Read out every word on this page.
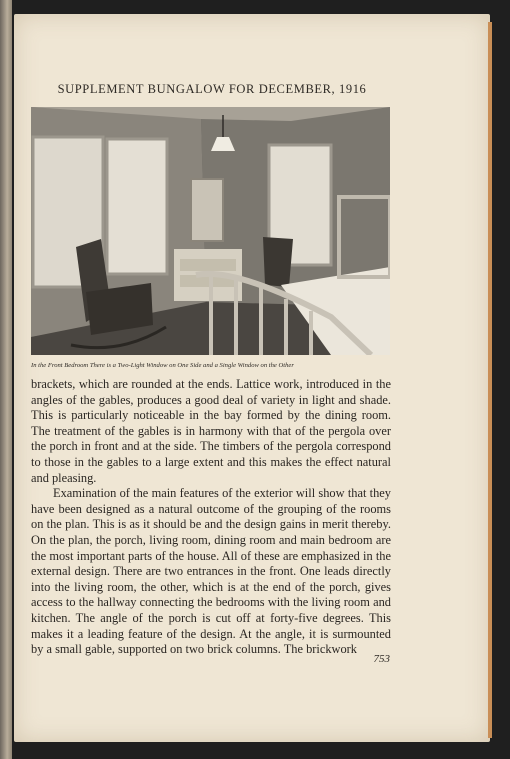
SUPPLEMENT BUNGALOW FOR DECEMBER, 1916
In the Front Bedroom There is a Two-Light Window on One Side and a Single Window on the Other

brackets, which are rounded at the ends. Lattice work, introduced in the angles of the gables, produces a good deal of variety in light and shade. This is particularly noticeable in the bay formed by the dining room. The treatment of the gables is in harmony with that of the pergola over the porch in front and at the side. The timbers of the pergola correspond to those in the gables to a large extent and this makes the effect natural and pleasing.

Examination of the main features of the exterior will show that they have been designed as a natural outcome of the grouping of the rooms on the plan. This is as it should be and the design gains in merit thereby. On the plan, the porch, living room, dining room and main bedroom are the most important parts of the house. All of these are emphasized in the external design. There are two entrances in the front. One leads directly into the living room, the other, which is at the end of the porch, gives access to the hallway connecting the bedrooms with the living room and kitchen. The angle of the porch is cut off at forty-five degrees. This makes it a leading feature of the design. At the angle, it is surmounted by a small gable, supported on two brick columns. The brickwork

753
